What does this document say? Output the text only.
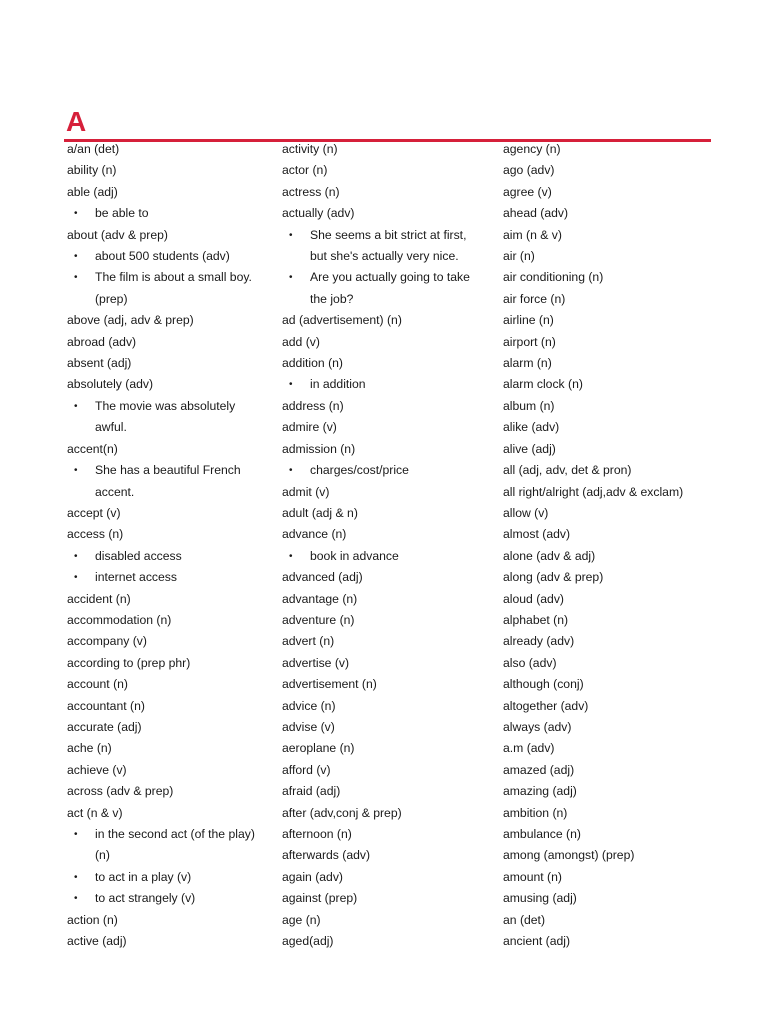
A
a/an (det)
ability (n)
able (adj)
• be able to
about (adv & prep)
• about 500 students (adv)
• The film is about a small boy.
(prep)
above (adj, adv & prep)
abroad (adv)
absent (adj)
absolutely (adv)
• The movie was absolutely
awful.
accent(n)
• She has a beautiful French
accent.
accept (v)
access (n)
• disabled access
• internet access
accident (n)
accommodation (n)
accompany (v)
according to (prep phr)
account (n)
accountant (n)
accurate (adj)
ache (n)
achieve (v)
across (adv & prep)
act (n & v)
• in the second act (of the play)
(n)
• to act in a play (v)
• to act strangely (v)
action (n)
active (adj)
activity (n)
actor (n)
actress (n)
actually (adv)
• She seems a bit strict at first,
but she's actually very nice.
• Are you actually going to take
the job?
ad (advertisement) (n)
add (v)
addition (n)
• in addition
address (n)
admire (v)
admission (n)
• charges/cost/price
admit (v)
adult (adj & n)
advance (n)
• book in advance
advanced (adj)
advantage (n)
adventure (n)
advert (n)
advertise (v)
advertisement (n)
advice (n)
advise (v)
aeroplane (n)
afford (v)
afraid (adj)
after (adv,conj & prep)
afternoon (n)
afterwards (adv)
again (adv)
against (prep)
age (n)
aged(adj)
agency (n)
ago (adv)
agree (v)
ahead (adv)
aim (n & v)
air (n)
air conditioning (n)
air force (n)
airline (n)
airport (n)
alarm (n)
alarm clock (n)
album (n)
alike (adv)
alive (adj)
all (adj, adv, det & pron)
all right/alright (adj,adv & exclam)
allow (v)
almost (adv)
alone (adv & adj)
along (adv & prep)
aloud (adv)
alphabet (n)
already (adv)
also (adv)
although (conj)
altogether (adv)
always (adv)
a.m (adv)
amazed (adj)
amazing (adj)
ambition (n)
ambulance (n)
among (amongst) (prep)
amount (n)
amusing (adj)
an (det)
ancient (adj)
